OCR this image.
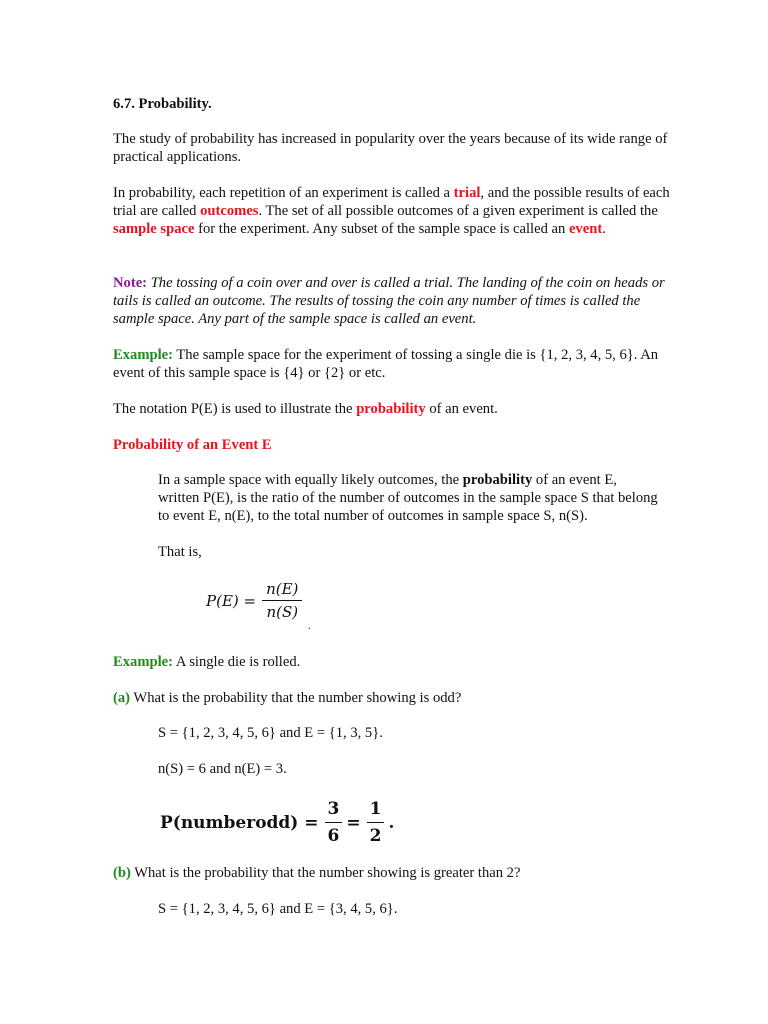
6.7. Probability.

The study of probability has increased in popularity over the years because of its wide range of practical applications.

In probability, each repetition of an experiment is called a trial, and the possible results of each trial are called outcomes. The set of all possible outcomes of a given experiment is called the sample space for the experiment. Any subset of the sample space is called an event.

Note: The tossing of a coin over and over is called a trial. The landing of the coin on heads or tails is called an outcome. The results of tossing the coin any number of times is called the sample space. Any part of the sample space is called an event.

Example: The sample space for the experiment of tossing a single die is {1, 2, 3, 4, 5, 6}. An event of this sample space is {4} or {2} or etc.

The notation P(E) is used to illustrate the probability of an event.

Probability of an Event E

In a sample space with equally likely outcomes, the probability of an event E, written P(E), is the ratio of the number of outcomes in the sample space S that belong to event E, n(E), to the total number of outcomes in sample space S, n(S).

That is,

$P(E) = \frac{n(E)}{n(S)}$
.

Example: A single die is rolled.

(a) What is the probability that the number showing is odd?

S = {1, 2, 3, 4, 5, 6} and E = {1, 3, 5}.

n(S) = 6 and n(E) = 3.

P(numberodd) = $\frac{3}{6} = \frac{1}{2}$ .

(b) What is the probability that the number showing is greater than 2?

S = {1, 2, 3, 4, 5, 6} and E = {3, 4, 5, 6}.
